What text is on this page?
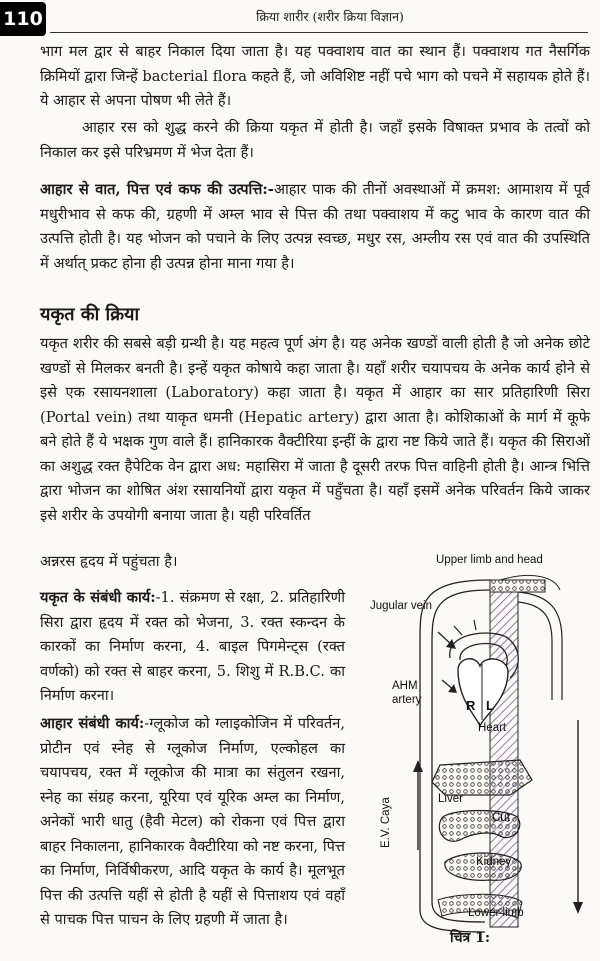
110	क्रिया शारीर (शरीर क्रिया विज्ञान)

भाग मल द्वार से बाहर निकाल दिया जाता है। यह पक्वाशय वात का स्थान हैं। पक्वाशय गत नैसर्गिक क्रिमियों द्वारा जिन्हें bacterial flora कहते हैं, जो अविशिष्ट नहीं पचे भाग को पचने में सहायक होते हैं। ये आहार से अपना पोषण भी लेते हैं।

आहार रस को शुद्ध करने की क्रिया यकृत में होती है। जहाँ इसके विषाक्त प्रभाव के तत्वों को निकाल कर इसे परिभ्रमण में भेज देता हैं।

आहार से वात, पित्त एवं कफ की उत्पत्ति:-आहार पाक की तीनों अवस्थाओं में क्रमश: आमाशय में पूर्व मधुरीभाव से कफ की, ग्रहणी में अम्ल भाव से पित्त की तथा पक्वाशय में कटु भाव के कारण वात की उत्पत्ति होती है। यह भोजन को पचाने के लिए उत्पन्न स्वच्छ, मधुर रस, अम्लीय रस एवं वात की उपस्थिति में अर्थात् प्रकट होना ही उत्पन्न होना माना गया है।

यकृत की क्रिया

यकृत शरीर की सबसे बड़ी ग्रन्थी है। यह महत्व पूर्ण अंग है। यह अनेक खण्डों वाली होती है जो अनेक छोटे खण्डों से मिलकर बनती है। इन्हें यकृत कोषाये कहा जाता है। यहाँ शरीर चयापचय के अनेक कार्य होने से इसे एक रसायनशाला (Laboratory) कहा जाता है। यकृत में आहार का सार प्रतिहारिणी सिरा (Portal vein) तथा याकृत धमनी (Hepatic artery) द्वारा आता है। कोशिकाओं के मार्ग में कूफे बने होते हैं ये भक्षक गुण वाले हैं। हानिकारक वैक्टीरिया इन्हीं के द्वारा नष्ट किये जाते हैं। यकृत की सिराओं का अशुद्ध रक्त हैपेटिक वेन द्वारा अध: महासिरा में जाता है दूसरी तरफ पित्त वाहिनी होती है। आन्त्र भित्ति द्वारा भोजन का शोषित अंश रसायनियों द्वारा यकृत में पहुँचता है। यहाँ इसमें अनेक परिवर्तन किये जाकर इसे शरीर के उपयोगी बनाया जाता है। यही परिवर्तित

अन्नरस हृदय में पहुंचता है।

यकृत के संबंधी कार्य:-1. संक्रमण से रक्षा, 2. प्रतिहारिणी सिरा द्वारा हृदय में रक्त को भेजना, 3. रक्त स्कन्दन के कारकों का निर्माण करना, 4. बाइल पिगमेन्ट्स (रक्त वर्णको) को रक्त से बाहर करना, 5. शिशु में R.B.C. का निर्माण करना।

आहार संबंधी कार्य:-ग्लूकोज को ग्लाइकोजिन में परिवर्तन, प्रोटीन एवं स्नेह से ग्लूकोज निर्माण, एल्कोहल का चयापचय, रक्त में ग्लूकोज की मात्रा का संतुलन रखना, स्नेह का संग्रह करना, यूरिया एवं यूरिक अम्ल का निर्माण, अनेकों भारी धातु (हैवी मेटल) को रोकना एवं पित्त द्वारा बाहर निकालना, हानिकारक वैक्टीरिया को नष्ट करना, पित्त का निर्माण, निर्विषीकरण, आदि यकृत के कार्य है। मूलभूत पित्त की उत्पत्ति यहीं से होती है यहीं से पित्ताशय एवं वहाँ से पाचक पित्त पाचन के लिए ग्रहणी में जाता है।

Upper limb and head
Jugular vein
AHM
artery	R L
Heart
E.V. Caya	Liver
Cut
Kidney
Lower limb
चित्र 1:
